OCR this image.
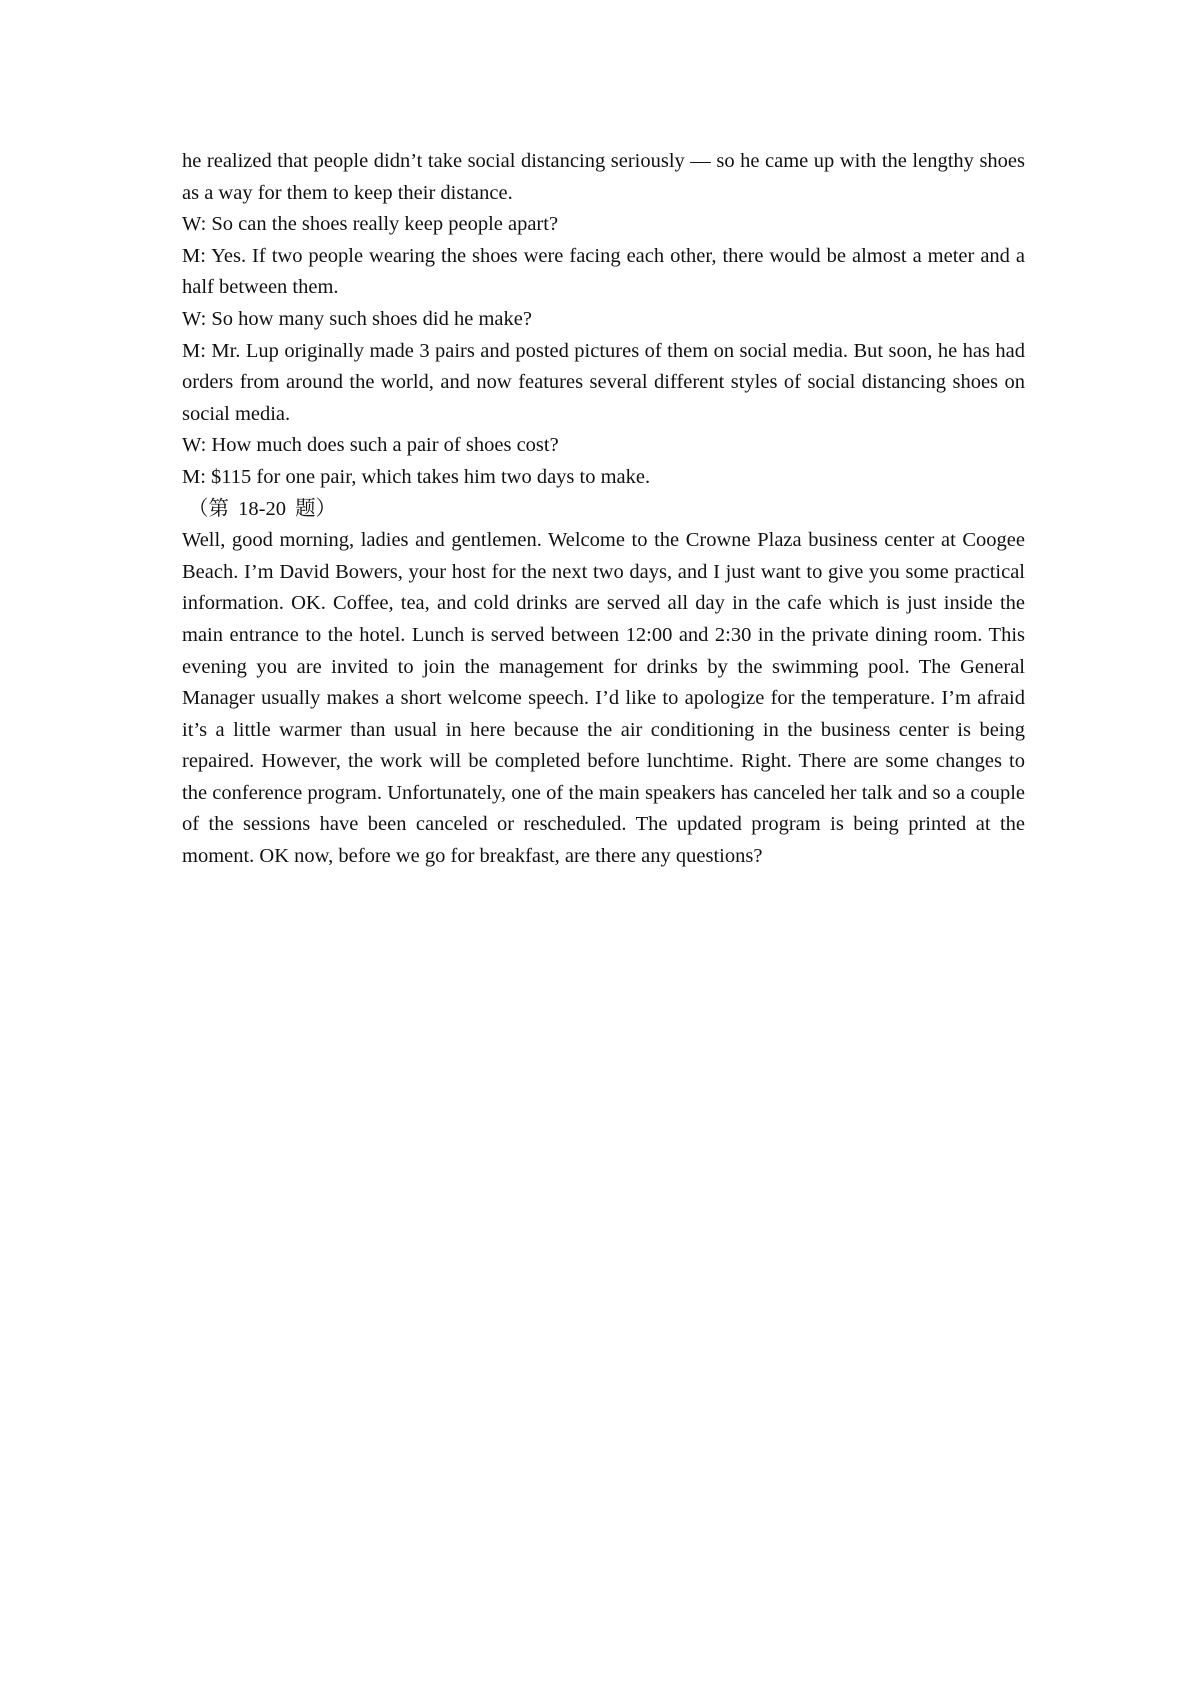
he realized that people didn’t take social distancing seriously — so he came up with the lengthy shoes as a way for them to keep their distance.

W: So can the shoes really keep people apart?

M: Yes. If two people wearing the shoes were facing each other, there would be almost a meter and a half between them.

W: So how many such shoes did he make?

M: Mr. Lup originally made 3 pairs and posted pictures of them on social media. But soon, he has had orders from around the world, and now features several different styles of social distancing shoes on social media.

W: How much does such a pair of shoes cost?

M: $115 for one pair, which takes him two days to make.

（第 18-20 题）

Well, good morning, ladies and gentlemen. Welcome to the Crowne Plaza business center at Coogee Beach. I’m David Bowers, your host for the next two days, and I just want to give you some practical information. OK. Coffee, tea, and cold drinks are served all day in the cafe which is just inside the main entrance to the hotel. Lunch is served between 12:00 and 2:30 in the private dining room. This evening you are invited to join the management for drinks by the swimming pool. The General Manager usually makes a short welcome speech. I’d like to apologize for the temperature. I’m afraid it’s a little warmer than usual in here because the air conditioning in the business center is being repaired. However, the work will be completed before lunchtime. Right. There are some changes to the conference program. Unfortunately, one of the main speakers has canceled her talk and so a couple of the sessions have been canceled or rescheduled. The updated program is being printed at the moment. OK now, before we go for breakfast, are there any questions?
